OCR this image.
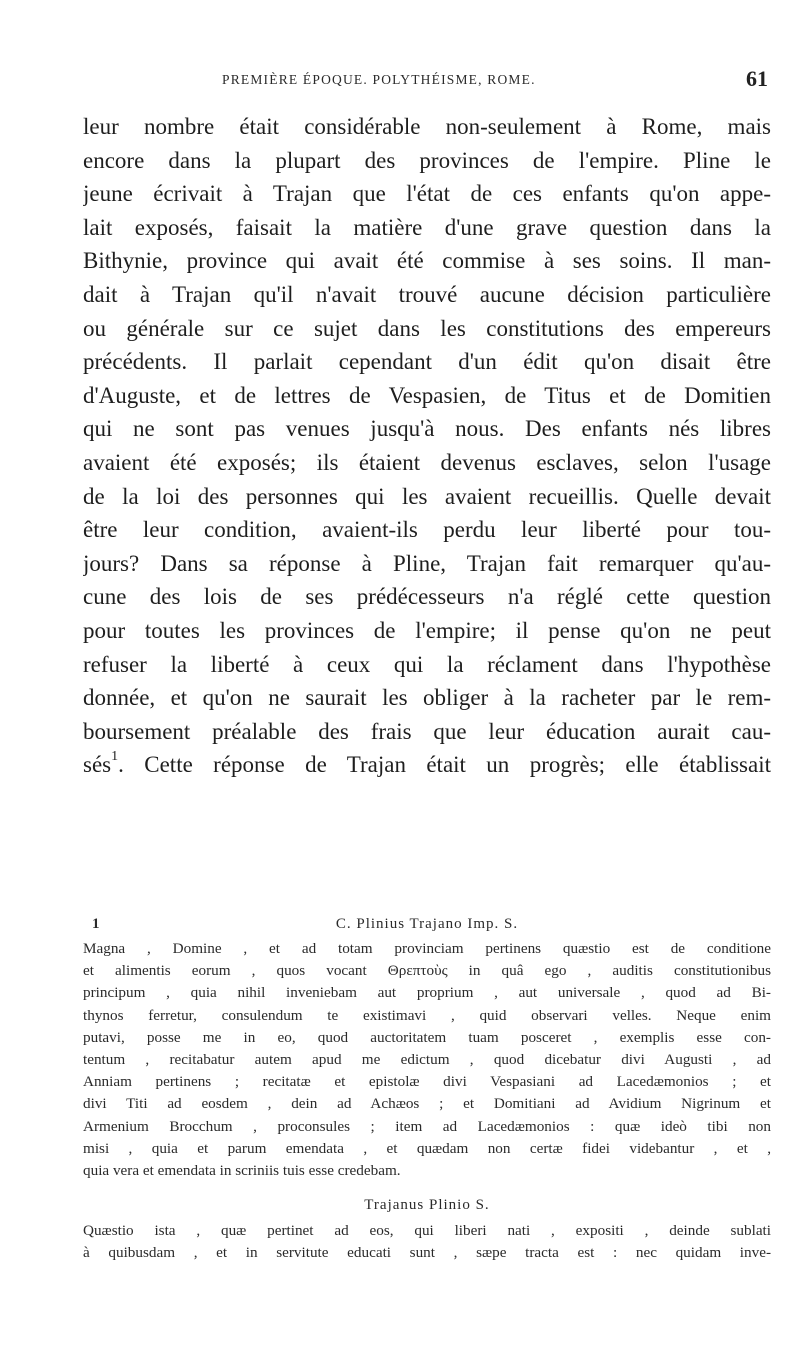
PREMIÈRE ÉPOQUE. POLYTHÉISME, ROME.	61
leur nombre était considérable non-seulement à Rome, mais
encore dans la plupart des provinces de l'empire. Pline le
jeune écrivait à Trajan que l'état de ces enfants qu'on appe-
lait exposés, faisait la matière d'une grave question dans la
Bithynie, province qui avait été commise à ses soins. Il man-
dait à Trajan qu'il n'avait trouvé aucune décision particulière
ou générale sur ce sujet dans les constitutions des empereurs
précédents. Il parlait cependant d'un édit qu'on disait être
d'Auguste, et de lettres de Vespasien, de Titus et de Domitien
qui ne sont pas venues jusqu'à nous. Des enfants nés libres
avaient été exposés; ils étaient devenus esclaves, selon l'usage
de la loi des personnes qui les avaient recueillis. Quelle devait
être leur condition, avaient-ils perdu leur liberté pour tou-
jours? Dans sa réponse à Pline, Trajan fait remarquer qu'au-
cune des lois de ses prédécesseurs n'a réglé cette question
pour toutes les provinces de l'empire; il pense qu'on ne peut
refuser la liberté à ceux qui la réclament dans l'hypothèse
donnée, et qu'on ne saurait les obliger à la racheter par le rem-
boursement préalable des frais que leur éducation aurait cau-
sés$^1$. Cette réponse de Trajan était un progrès; elle établissait
1	C. Plinius Trajano Imp. S.
Magna , Domine , et ad totam provinciam pertinens quæstio est de conditione
et alimentis eorum , quos vocant Θρεπτοὺς in quâ ego , auditis constitutionibus
principum , quia nihil inveniebam aut proprium , aut universale , quod ad Bi-
thynos ferretur, consulendum te existimavi , quid observari velles. Neque enim
putavi, posse me in eo, quod auctoritatem tuam posceret , exemplis esse con-
tentum , recitabatur autem apud me edictum , quod dicebatur divi Augusti , ad
Anniam pertinens ; recitatæ et epistolæ divi Vespasiani ad Lacedæmonios ; et
divi Titi ad eosdem , dein ad Achæos ; et Domitiani ad Avidium Nigrinum et
Armenium Brocchum , proconsules ; item ad Lacedæmonios : quæ ideò tibi non
misi , quia et parum emendata , et quædam non certæ fidei videbantur , et ,
quia vera et emendata in scriniis tuis esse credebam.
Trajanus Plinio S.
Quæstio ista , quæ pertinet ad eos, qui liberi nati , expositi , deinde sublati
à quibusdam , et in servitute educati sunt , sæpe tracta est : nec quidam inve-
